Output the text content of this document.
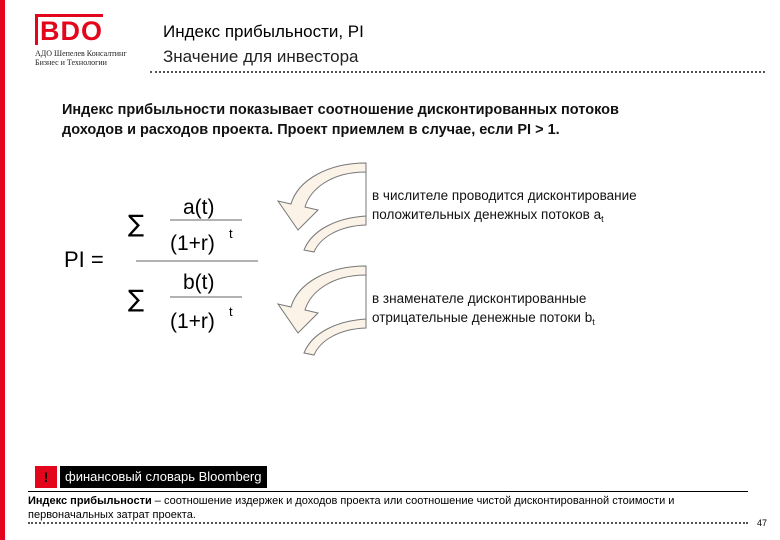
BDO
АДО Шепелев Консалтинг
Бизнес и Технологии
Индекс прибыльности, PI
Значение для инвестора
Индекс прибыльности показывает соотношение дисконтированных потоков доходов и расходов проекта. Проект приемлем в случае, если PI > 1.
PI =
∑
a(t)
(1+r) t
∑
b(t)
(1+r) t
в числителе проводится дисконтирование положительных денежных потоков $a_t$
в знаменателе дисконтированные отрицательные денежные потоки $b_t$
!	финансовый словарь Bloomberg
Индекс прибыльности – соотношение издержек и доходов проекта или соотношение чистой дисконтированной стоимости и первоначальных затрат проекта.
47
